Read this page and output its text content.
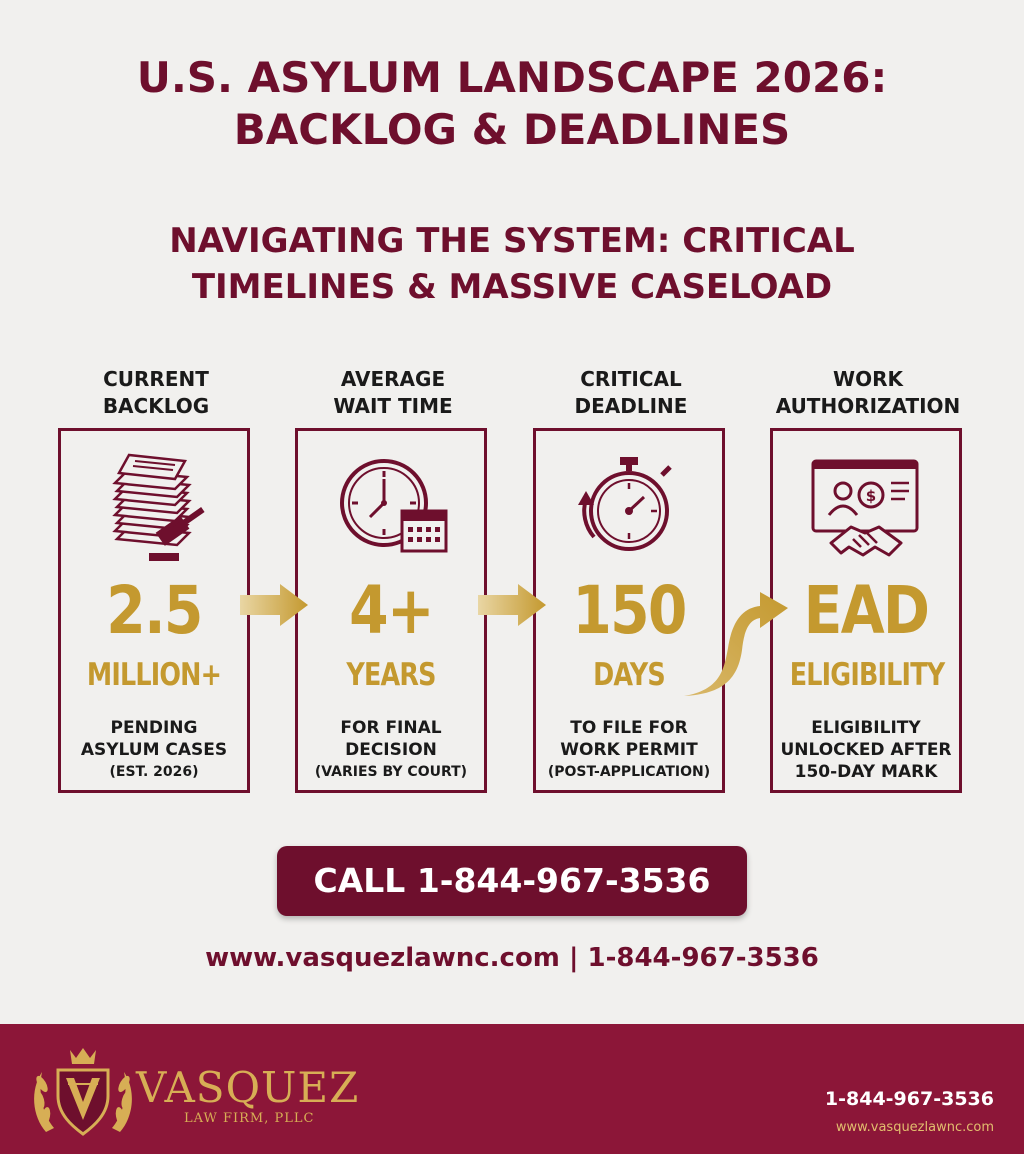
U.S. ASYLUM LANDSCAPE 2026:
BACKLOG & DEADLINES
NAVIGATING THE SYSTEM: CRITICAL
TIMELINES & MASSIVE CASELOAD
CURRENT
BACKLOG
AVERAGE
WAIT TIME
CRITICAL
DEADLINE
WORK
AUTHORIZATION
2.5
MILLION+
PENDING
ASYLUM CASES
(EST. 2026)
4+
YEARS
FOR FINAL
DECISION
(VARIES BY COURT)
150
DAYS
TO FILE FOR
WORK PERMIT
(POST-APPLICATION)
$
EAD
ELIGIBILITY
ELIGIBILITY
UNLOCKED AFTER
150-DAY MARK
CALL 1-844-967-3536
www.vasquezlawnc.com | 1-844-967-3536
VASQUEZ
LAW FIRM, PLLC
1-844-967-3536
www.vasquezlawnc.com
